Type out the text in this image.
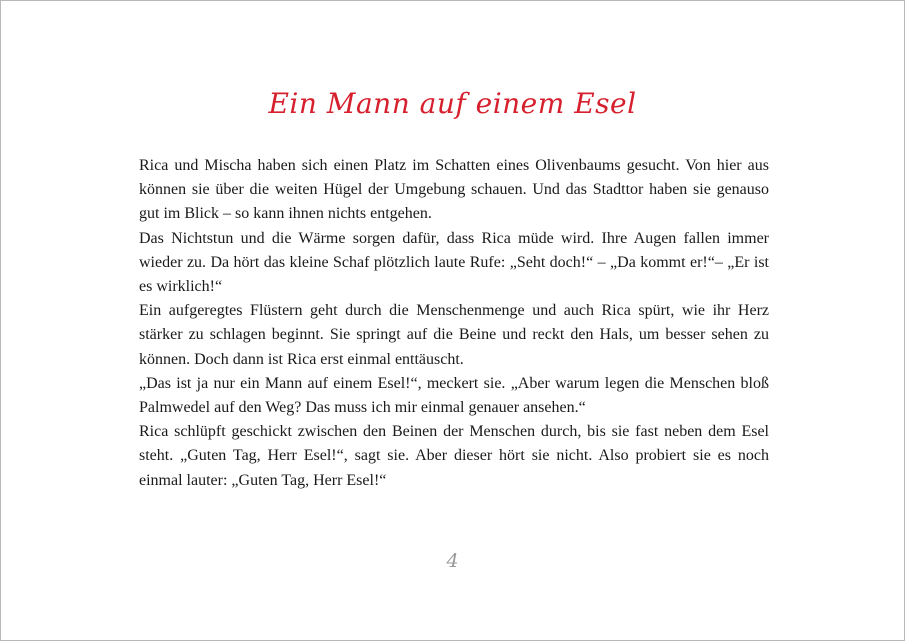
Ein Mann auf einem Esel

Rica und Mischa haben sich einen Platz im Schatten eines Olivenbaums gesucht. Von hier aus können sie über die weiten Hügel der Umgebung schauen. Und das Stadttor haben sie genauso gut im Blick – so kann ihnen nichts entgehen.

Das Nichtstun und die Wärme sorgen dafür, dass Rica müde wird. Ihre Augen fallen immer wieder zu. Da hört das kleine Schaf plötzlich laute Rufe: „Seht doch!“ – „Da kommt er!“– „Er ist es wirklich!“

Ein aufgeregtes Flüstern geht durch die Menschenmenge und auch Rica spürt, wie ihr Herz stärker zu schlagen beginnt. Sie springt auf die Beine und reckt den Hals, um besser sehen zu können. Doch dann ist Rica erst einmal enttäuscht.

„Das ist ja nur ein Mann auf einem Esel!“, meckert sie. „Aber warum legen die Menschen bloß Palmwedel auf den Weg? Das muss ich mir einmal genauer ansehen.“

Rica schlüpft geschickt zwischen den Beinen der Menschen durch, bis sie fast neben dem Esel steht. „Guten Tag, Herr Esel!“, sagt sie. Aber dieser hört sie nicht. Also probiert sie es noch einmal lauter: „Guten Tag, Herr Esel!“

4
